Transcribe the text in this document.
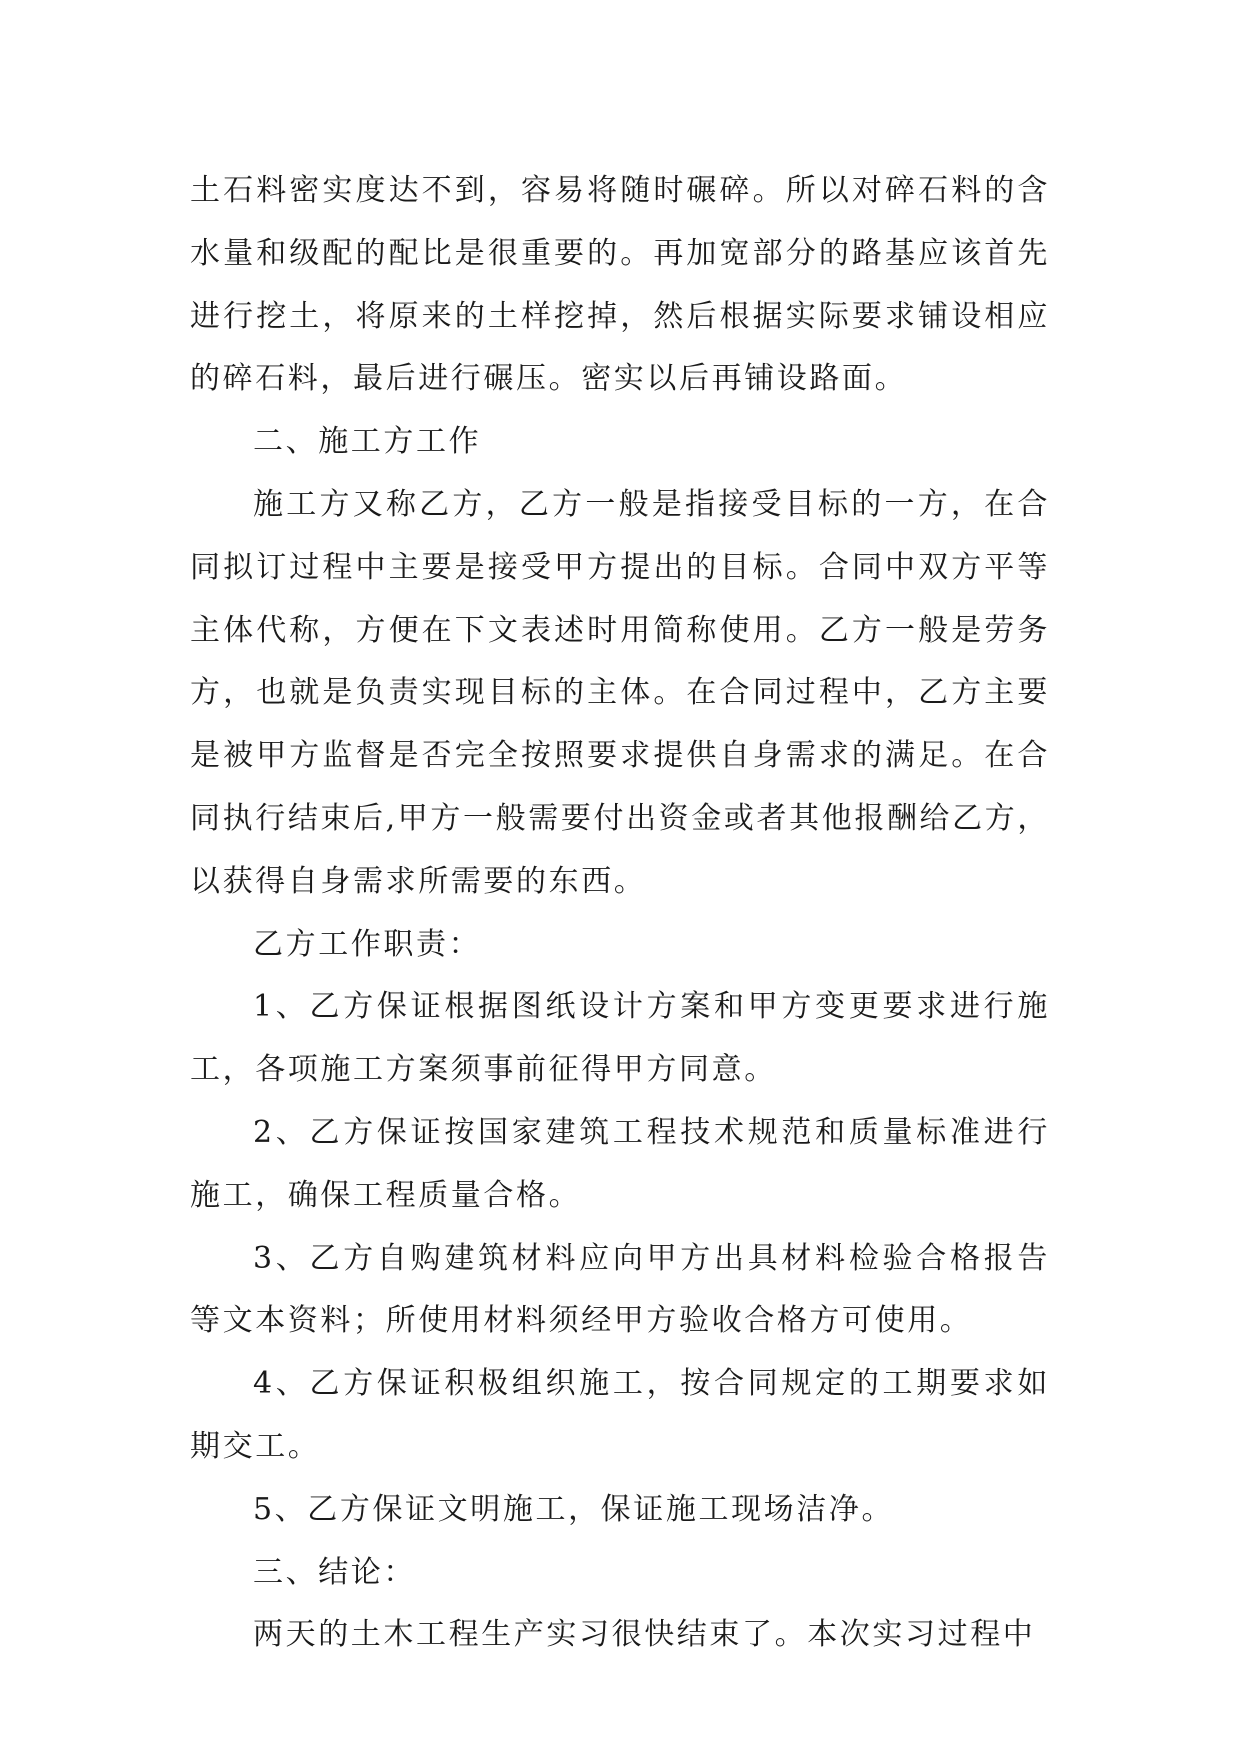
土石料密实度达不到，容易将随时碾碎。所以对碎石料的含水量和级配的配比是很重要的。再加宽部分的路基应该首先进行挖土，将原来的土样挖掉，然后根据实际要求铺设相应的碎石料，最后进行碾压。密实以后再铺设路面。

二、施工方工作

施工方又称乙方，乙方一般是指接受目标的一方，在合同拟订过程中主要是接受甲方提出的目标。合同中双方平等主体代称，方便在下文表述时用简称使用。乙方一般是劳务方，也就是负责实现目标的主体。在合同过程中，乙方主要是被甲方监督是否完全按照要求提供自身需求的满足。在合同执行结束后,甲方一般需要付出资金或者其他报酬给乙方，以获得自身需求所需要的东西。

乙方工作职责：

1、乙方保证根据图纸设计方案和甲方变更要求进行施工，各项施工方案须事前征得甲方同意。

2、乙方保证按国家建筑工程技术规范和质量标准进行施工，确保工程质量合格。

3、乙方自购建筑材料应向甲方出具材料检验合格报告等文本资料；所使用材料须经甲方验收合格方可使用。

4、乙方保证积极组织施工，按合同规定的工期要求如期交工。

5、乙方保证文明施工，保证施工现场洁净。

三、结论：

两天的土木工程生产实习很快结束了。本次实习过程中
